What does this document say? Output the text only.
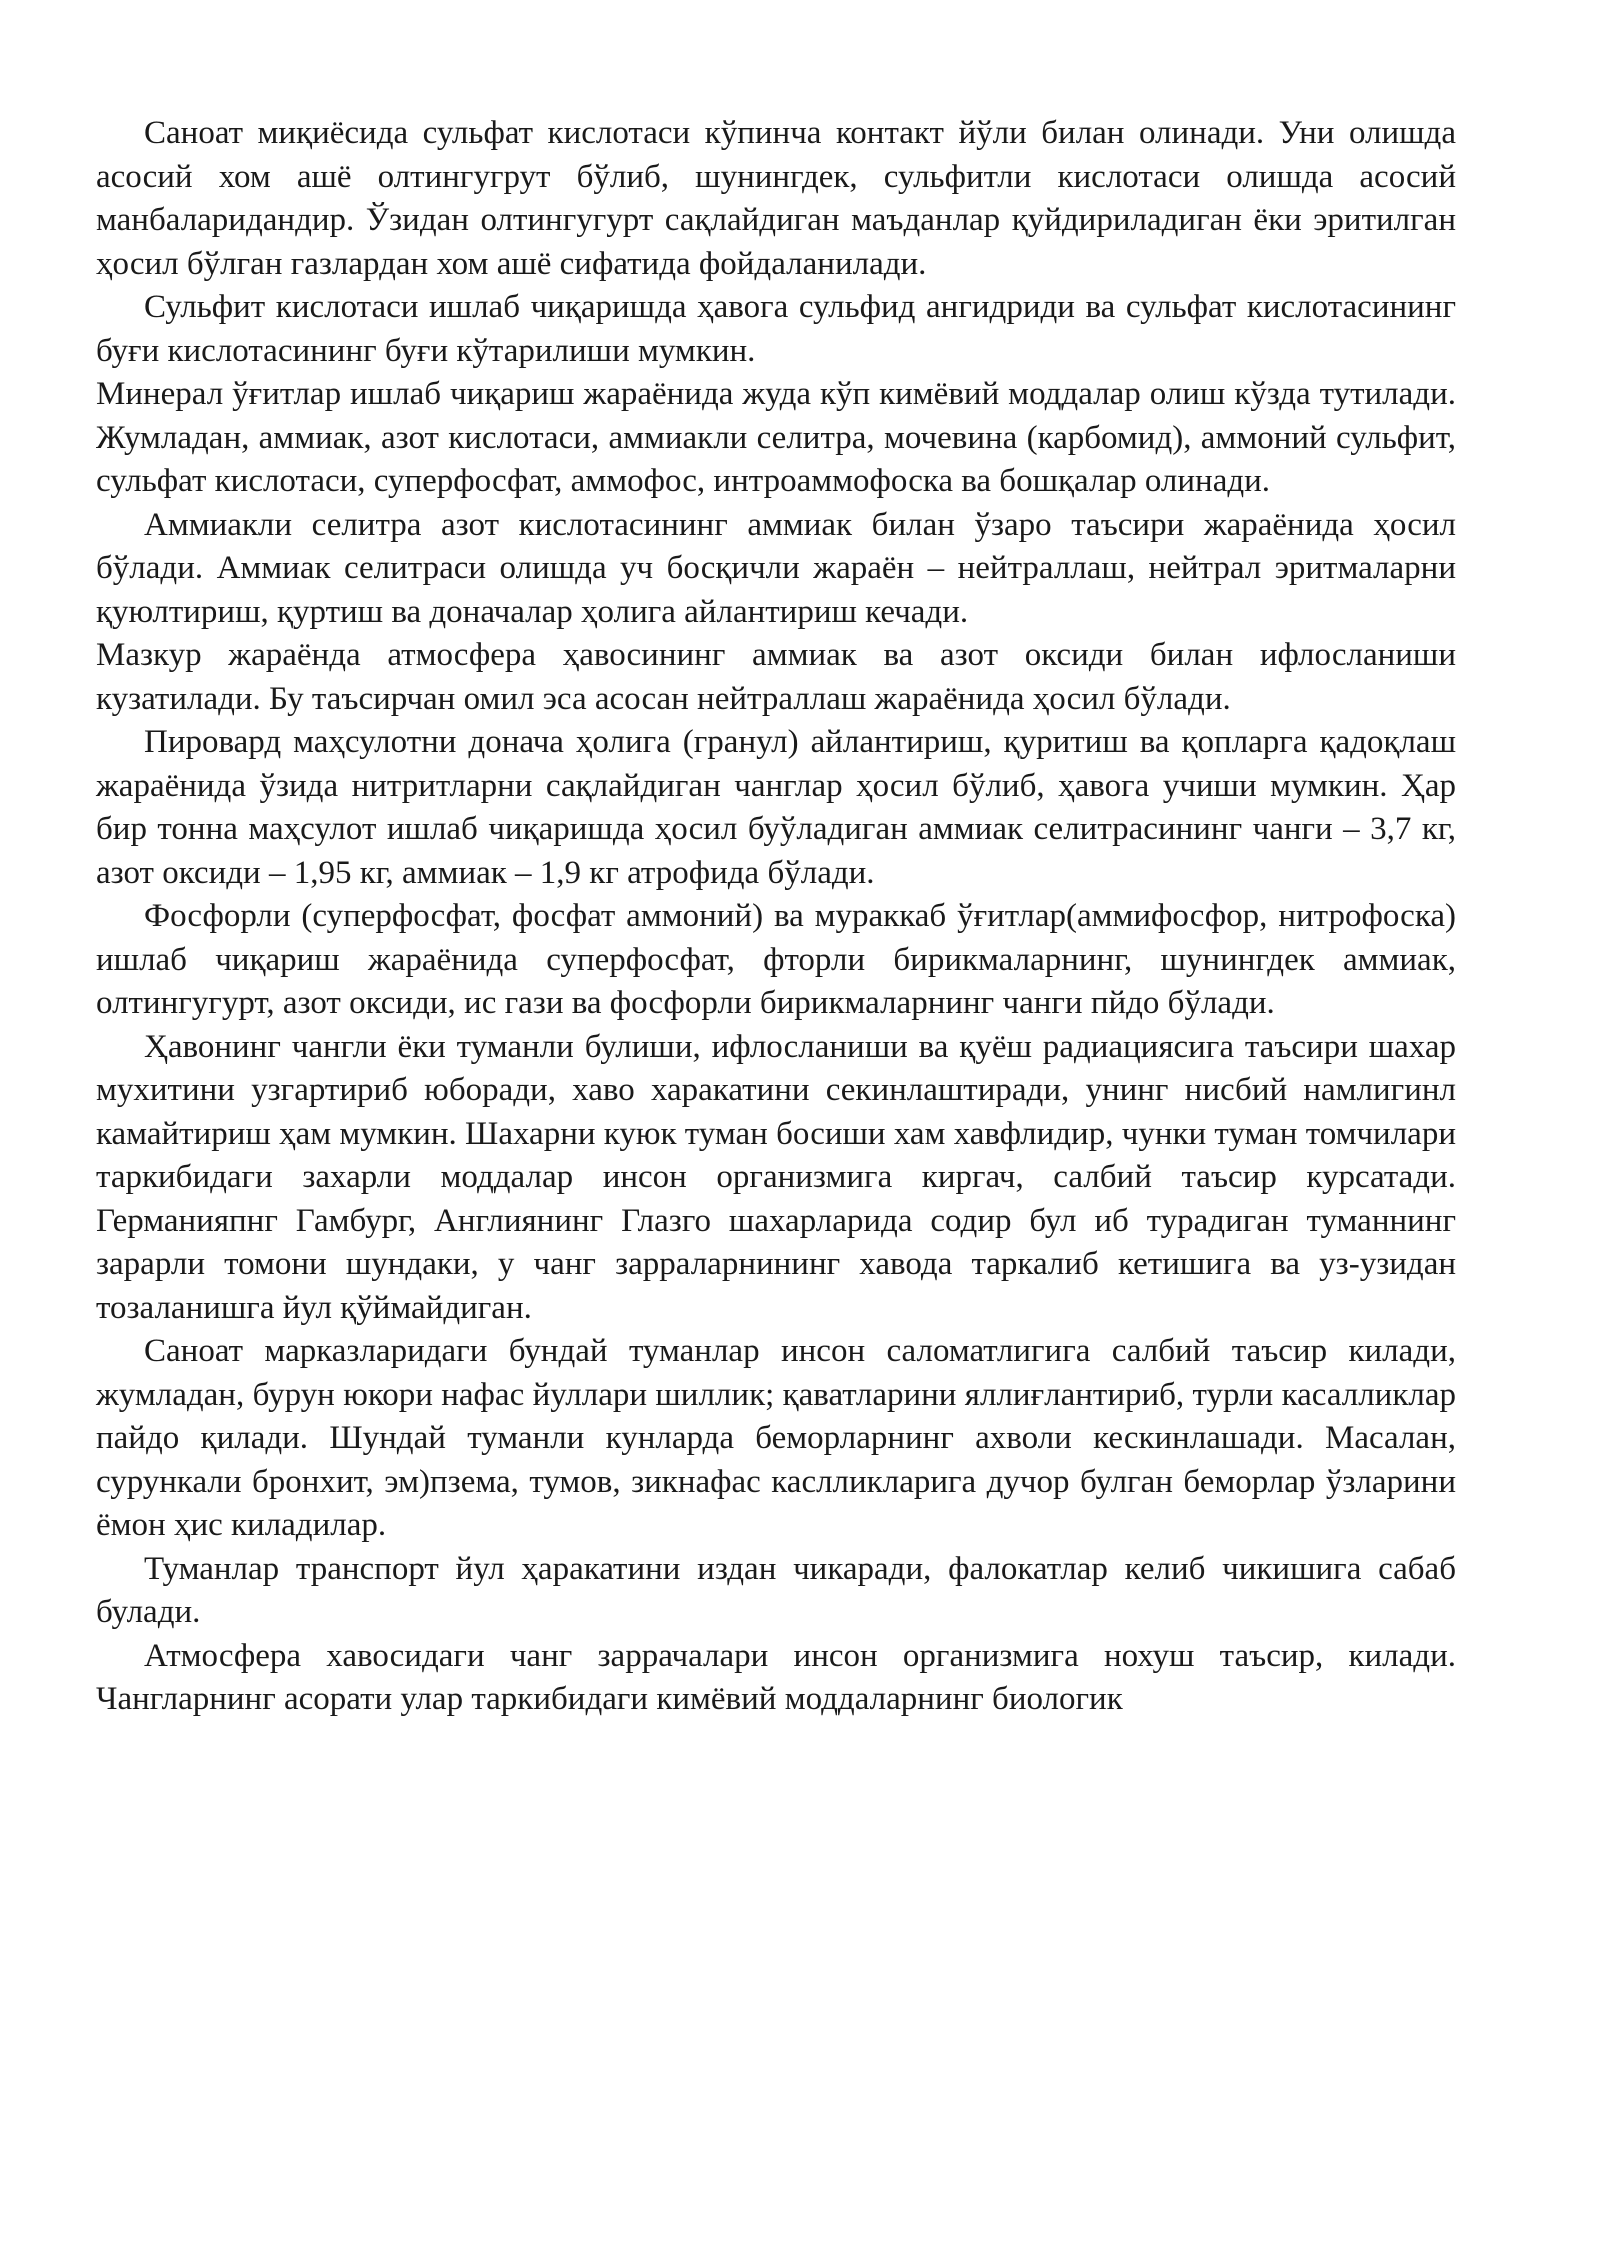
Саноат миқиёсида сульфат кислотаси кўпинча контакт йўли билан олинади. Уни олишда асосий хом ашё олтингугрут бўлиб, шунингдек, сульфитли кислотаси олишда асосий манбаларидандир. Ўзидан олтингугурт сақлайдиган маъданлар қуйдириладиган ёки эритилган ҳосил бўлган газлардан хом ашё сифатида фойдаланилади.

Сульфит кислотаси ишлаб чиқаришда ҳавога сульфид ангидриди ва сульфат кислотасининг буғи кислотасининг буғи кўтарилиши мумкин.

Минерал ўғитлар ишлаб чиқариш жараёнида жуда кўп кимёвий моддалар олиш кўзда тутилади. Жумладан, аммиак, азот кислотаси, аммиакли селитра, мочевина (карбомид), аммоний сульфит, сульфат кислотаси, суперфосфат, аммофос, интроаммофоска ва бошқалар олинади.

Аммиакли селитра азот кислотасининг аммиак билан ўзаро таъсири жараёнида ҳосил бўлади. Аммиак селитраси олишда уч босқичли жараён – нейтраллаш, нейтрал эритмаларни қуюлтириш, қуртиш ва доначалар ҳолига айлантириш кечади.

Мазкур жараёнда атмосфера ҳавосининг аммиак ва азот оксиди билан ифлосланиши кузатилади. Бу таъсирчан омил эса асосан нейтраллаш жараёнида ҳосил бўлади.

Пировард маҳсулотни донача ҳолига (гранул) айлантириш, қуритиш ва қопларга қадоқлаш жараёнида ўзида нитритларни сақлайдиган чанглар ҳосил бўлиб, ҳавога учиши мумкин. Ҳар бир тонна маҳсулот ишлаб чиқаришда ҳосил буўладиган аммиак селитрасининг чанги – 3,7 кг, азот оксиди – 1,95 кг, аммиак – 1,9 кг атрофида бўлади.

Фосфорли (суперфосфат, фосфат аммоний) ва мураккаб ўғитлар(аммифосфор, нитрофоска) ишлаб чиқариш жараёнида суперфосфат, фторли бирикмаларнинг, шунингдек аммиак, олтингугурт, азот оксиди, ис гази ва фосфорли бирикмаларнинг чанги пйдо бўлади.

Ҳавонинг чангли ёки туманли булиши, ифлосланиши ва қуёш радиациясига таъсири шахар мухитини узгартириб юборади, хаво харакатини секинлаштиради, унинг нисбий намлигинл камайтириш ҳам мумкин. Шахарни куюк туман босиши хам хавфлидир, чунки туман томчилари таркибидаги захарли моддалар инсон организмига киргач, салбий таъсир курсатади. Германияпнг Гамбург, Англиянинг Глазго шахарларида содир бул иб турадиган туманнинг зарарли томони шундаки, у чанг зарраларнининг хавода таркалиб кетишига ва уз-узидан тозаланишга йул қўймайдиган.

Саноат марказларидаги бундай туманлар инсон саломатлигига салбий таъсир килади, жумладан, бурун юкори нафас йуллари шиллик; қаватларини яллиғлантириб, турли касалликлар пайдо қилади. Шундай туманли кунларда беморларнинг ахволи кескинлашади. Масалан, сурункали бронхит, эм)пзема, тумов, зикнафас каслликларига дучор булган беморлар ўзларини ёмон ҳис киладилар.

Туманлар транспорт йул ҳаракатини издан чикаради, фалокатлар келиб чикишига сабаб булади.

Атмосфера хавосидаги чанг заррачалари инсон организмига нохуш таъсир, килади. Чангларнинг асорати улар таркибидаги кимёвий моддаларнинг биологик
